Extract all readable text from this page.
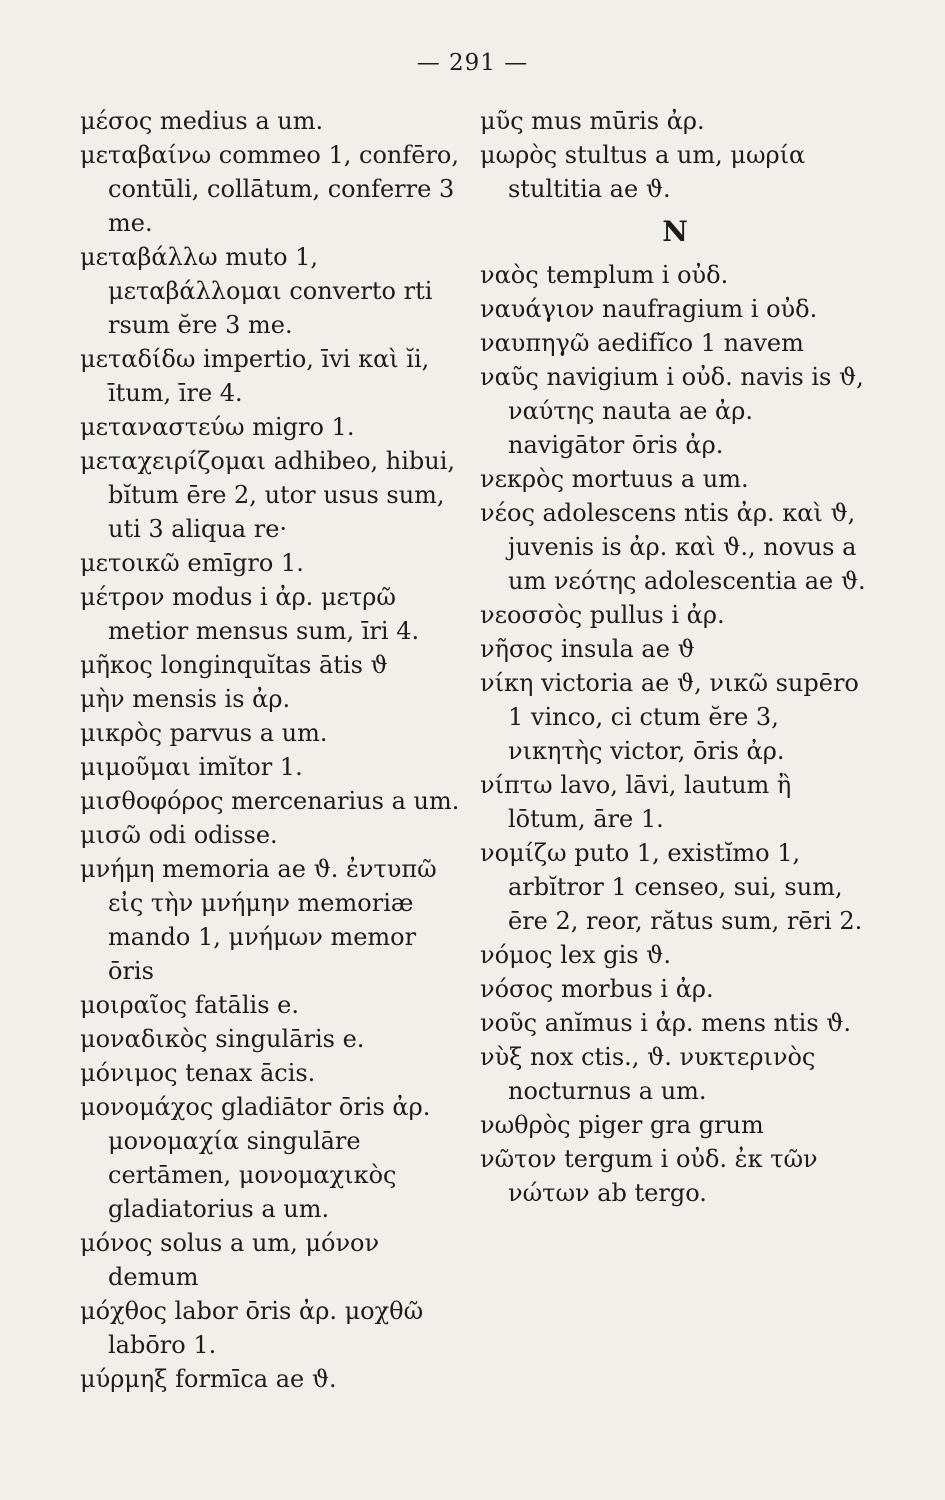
— 291 —
μέσος medius a um.
μεταβαίνω commeo 1, confēro, contūli, collātum, conferre 3 me.
μεταβάλλω muto 1, μεταβάλλομαι converto rti rsum ĕre 3 me.
μεταδίδω impertio, īvi καὶ ĭi, ītum, īre 4.
μεταναστεύω migro 1.
μεταχειρίζομαι adhibeo, hibui, bĭtum ēre 2, utor usus sum, uti 3 aliqua re·
μετοικῶ emīgro 1.
μέτρον modus i ἀρ. μετρῶ metior mensus sum, īri 4.
μῆκος longinquĭtas ātis ϑ
μὴν mensis is ἀρ.
μικρὸς parvus a um.
μιμοῦμαι imĭtor 1.
μισθοφόρος mercenarius a um.
μισῶ odi odisse.
μνήμη memoria ae ϑ. ἐντυπῶ εἰς τὴν μνήμην memoriæ mando 1, μνήμων memor ōris
μοιραῖος fatālis e.
μοναδικὸς singulāris e.
μόνιμος tenax ācis.
μονομάχος gladiātor ōris ἀρ. μονομαχία singulāre certāmen, μονομαχικὸς gladiatorius a um.
μόνος solus a um, μόνον demum
μόχθος labor ōris ἀρ. μοχθῶ labōro 1.
μύρμηξ formīca ae ϑ.
μῦς mus mūris ἀρ.
μωρὸς stultus a um, μωρία stultitia ae ϑ.
N
ναὸς templum i οὐδ.
ναυάγιον naufragium i οὐδ.
ναυπηγῶ aedifĭco 1 navem
ναῦς navigium i οὐδ. navis is ϑ, ναύτης nauta ae ἀρ. navigātor ōris ἀρ.
νεκρὸς mortuus a um.
νέος adolescens ntis ἀρ. καὶ ϑ, juvenis is ἀρ. καὶ ϑ., novus a um νεότης adolescentia ae ϑ.
νεοσσὸς pullus i ἀρ.
νῆσος insula ae ϑ
νίκη victoria ae ϑ, νικῶ supēro 1 vinco, ci ctum ĕre 3, νικητὴς victor, ōris ἀρ.
νίπτω lavo, lāvi, lautum ἢ lōtum, āre 1.
νομίζω puto 1, existĭmo 1, arbĭtror 1 censeo, sui, sum, ēre 2, reor, rătus sum, rēri 2.
νόμος lex gis ϑ.
νόσος morbus i ἀρ.
νοῦς anĭmus i ἀρ. mens ntis ϑ.
νὺξ nox ctis., ϑ. νυκτερινὸς nocturnus a um.
νωθρὸς piger gra grum
νῶτον tergum i οὐδ. ἐκ τῶν νώτων ab tergo.
